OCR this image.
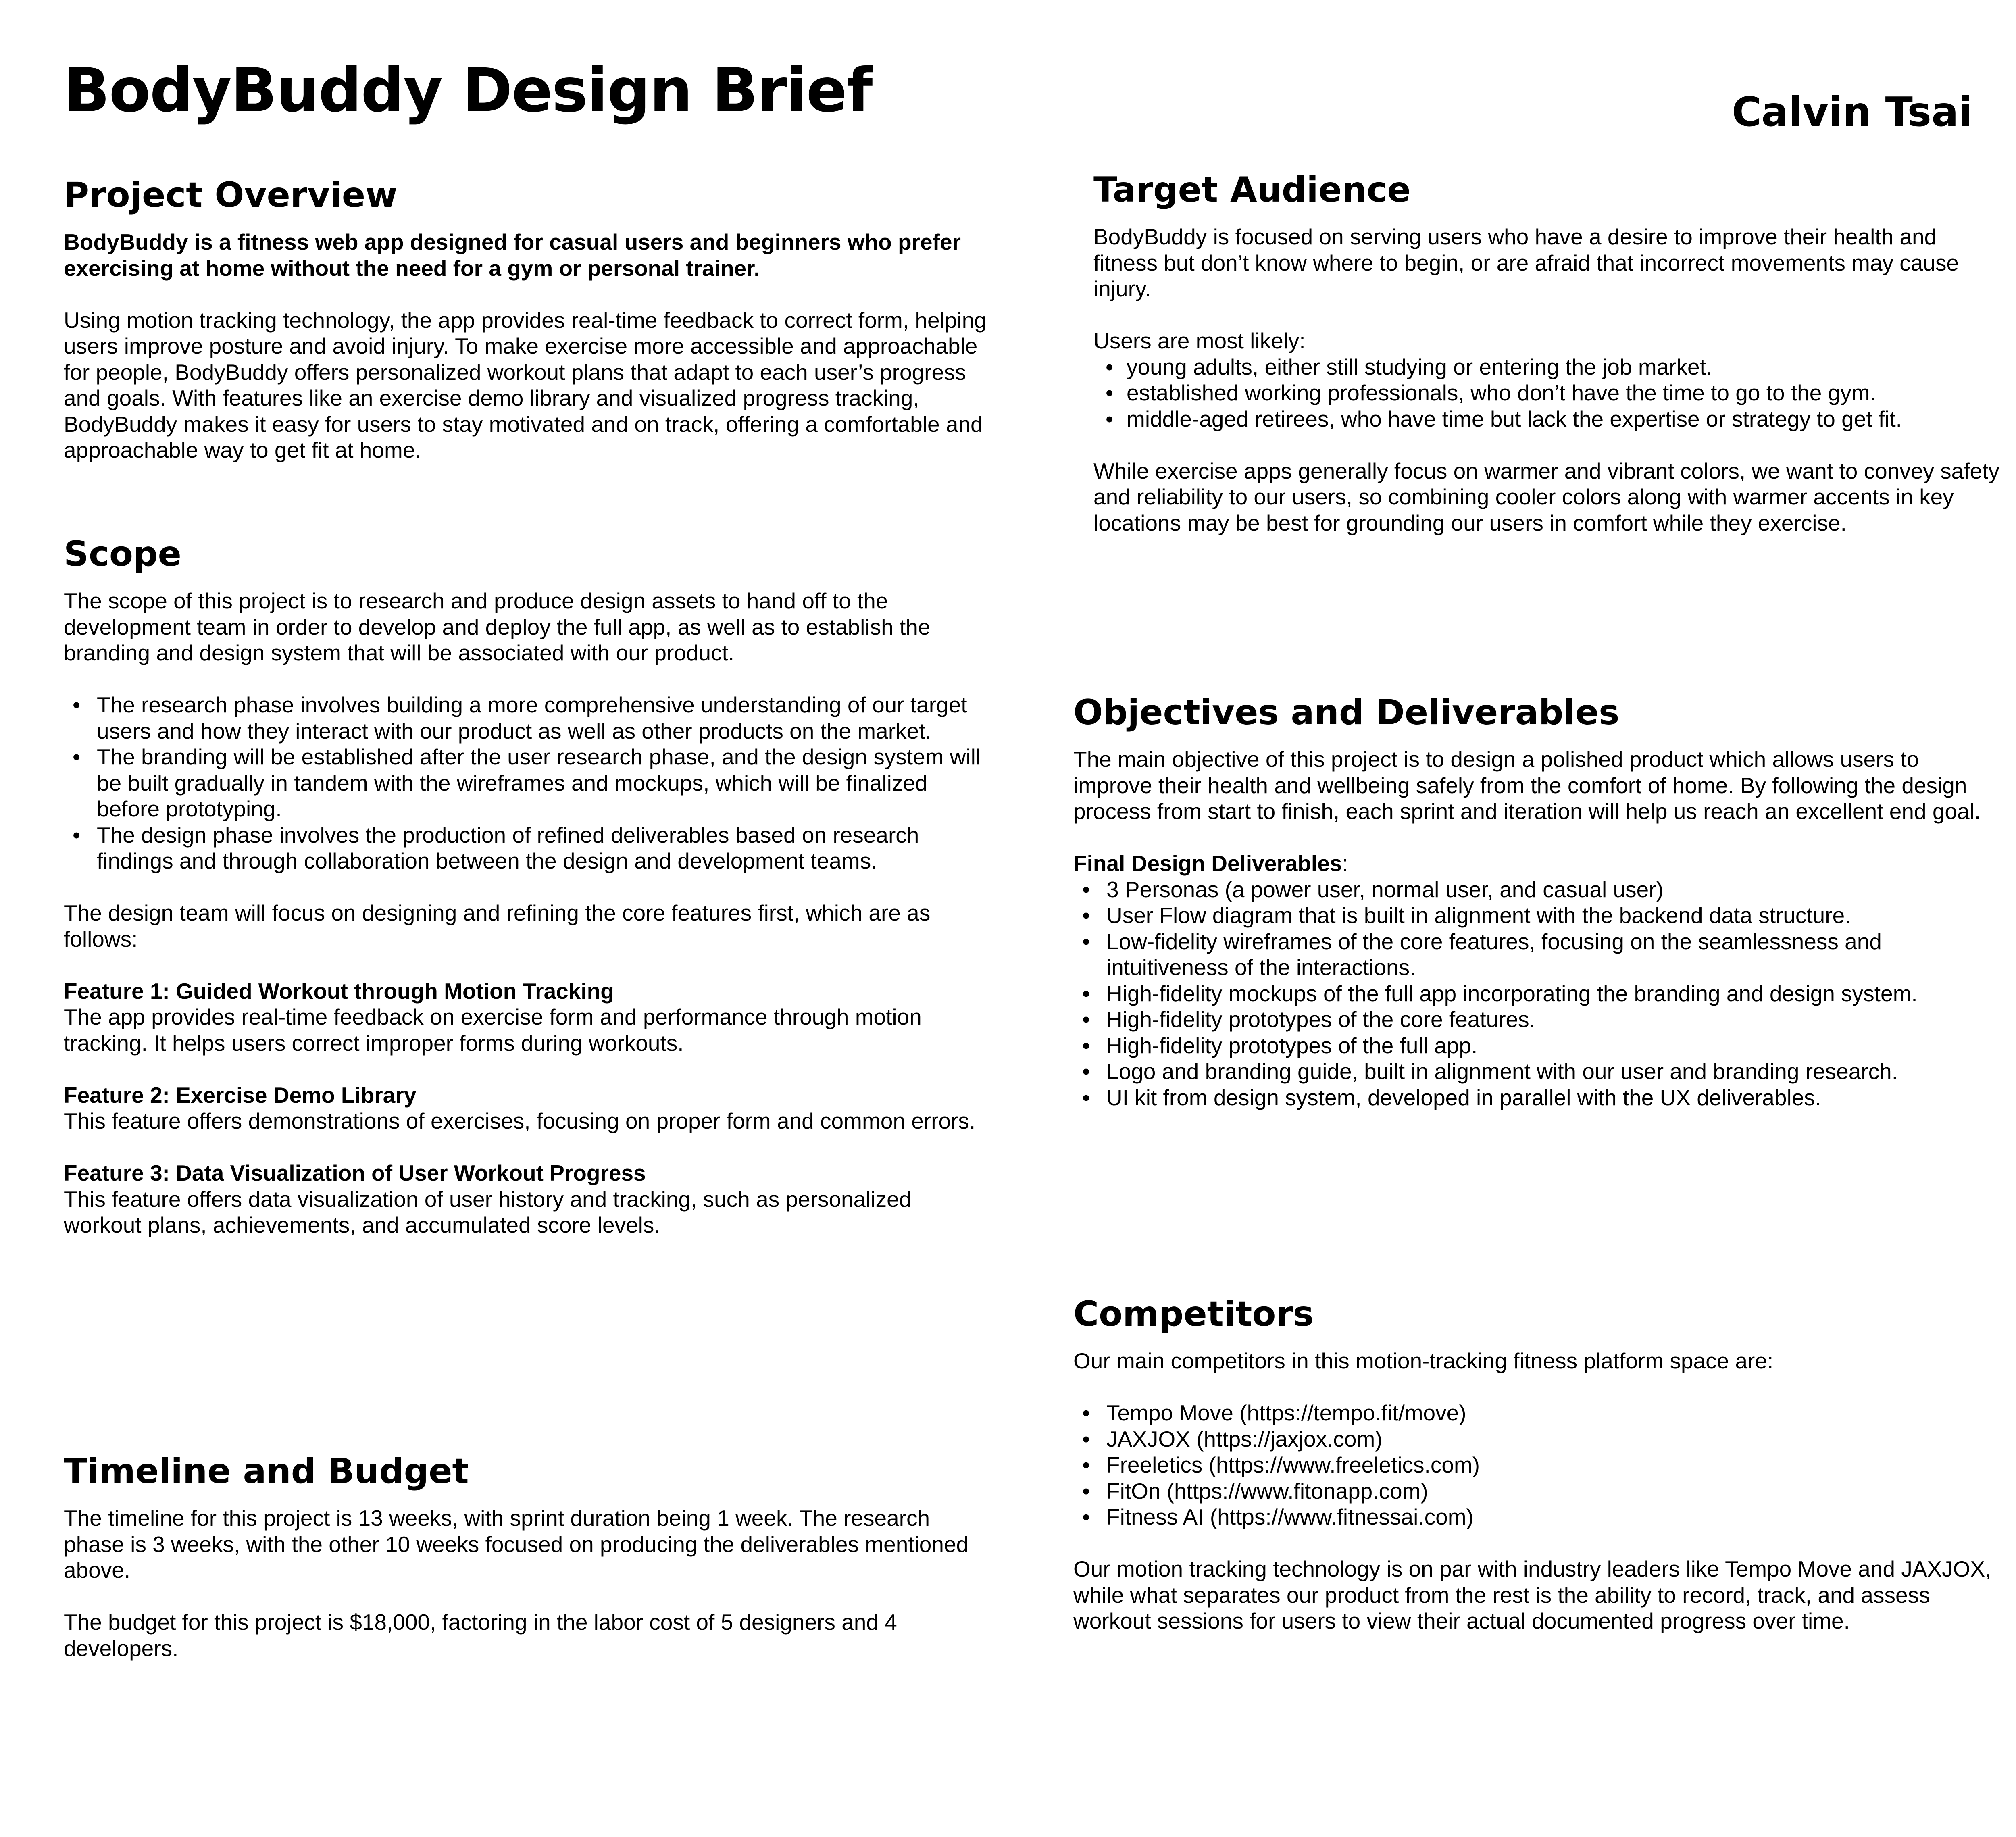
BodyBuddy Design Brief	Calvin Tsai
Project Overview

BodyBuddy is a fitness web app designed for casual users and beginners who prefer exercising at home without the need for a gym or personal trainer.

Using motion tracking technology, the app provides real-time feedback to correct form, helping users improve posture and avoid injury. To make exercise more accessible and approachable for people, BodyBuddy offers personalized workout plans that adapt to each user’s progress and goals. With features like an exercise demo library and visualized progress tracking, BodyBuddy makes it easy for users to stay motivated and on track, offering a comfortable and approachable way to get fit at home.

Scope

The scope of this project is to research and produce design assets to hand off to the development team in order to develop and deploy the full app, as well as to establish the branding and design system that will be associated with our product.

• The research phase involves building a more comprehensive understanding of our target users and how they interact with our product as well as other products on the market.
• The branding will be established after the user research phase, and the design system will be built gradually in tandem with the wireframes and mockups, which will be finalized before prototyping.
• The design phase involves the production of refined deliverables based on research findings and through collaboration between the design and development teams.

The design team will focus on designing and refining the core features first, which are as follows:

Feature 1: Guided Workout through Motion Tracking
The app provides real-time feedback on exercise form and performance through motion tracking. It helps users correct improper forms during workouts.
Feature 2: Exercise Demo Library
This feature offers demonstrations of exercises, focusing on proper form and common errors.
Feature 3: Data Visualization of User Workout Progress
This feature offers data visualization of user history and tracking, such as personalized workout plans, achievements, and accumulated score levels.
Timeline and Budget

The timeline for this project is 13 weeks, with sprint duration being 1 week. The research phase is 3 weeks, with the other 10 weeks focused on producing the deliverables mentioned above.

The budget for this project is $18,000, factoring in the labor cost of 5 designers and 4 developers.

Target Audience

BodyBuddy is focused on serving users who have a desire to improve their health and fitness but don’t know where to begin, or are afraid that incorrect movements may cause injury.

Users are most likely:

• young adults, either still studying or entering the job market.
• established working professionals, who don’t have the time to go to the gym.
• middle-aged retirees, who have time but lack the expertise or strategy to get fit.

While exercise apps generally focus on warmer and vibrant colors, we want to convey safety and reliability to our users, so combining cooler colors along with warmer accents in key locations may be best for grounding our users in comfort while they exercise.

Objectives and Deliverables

The main objective of this project is to design a polished product which allows users to improve their health and wellbeing safely from the comfort of home. By following the design process from start to finish, each sprint and iteration will help us reach an excellent end goal.

Final Design Deliverables:

• 3 Personas (a power user, normal user, and casual user)
• User Flow diagram that is built in alignment with the backend data structure.
• Low-fidelity wireframes of the core features, focusing on the seamlessness and intuitiveness of the interactions.
• High-fidelity mockups of the full app incorporating the branding and design system.
• High-fidelity prototypes of the core features.
• High-fidelity prototypes of the full app.
• Logo and branding guide, built in alignment with our user and branding research.
• UI kit from design system, developed in parallel with the UX deliverables.
Competitors

Our main competitors in this motion-tracking fitness platform space are:

• Tempo Move (https://tempo.fit/move)
• JAXJOX (https://jaxjox.com)
• Freeletics (https://www.freeletics.com)
• FitOn (https://www.fitonapp.com)
• Fitness AI (https://www.fitnessai.com)

Our motion tracking technology is on par with industry leaders like Tempo Move and JAXJOX, while what separates our product from the rest is the ability to record, track, and assess workout sessions for users to view their actual documented progress over time.
